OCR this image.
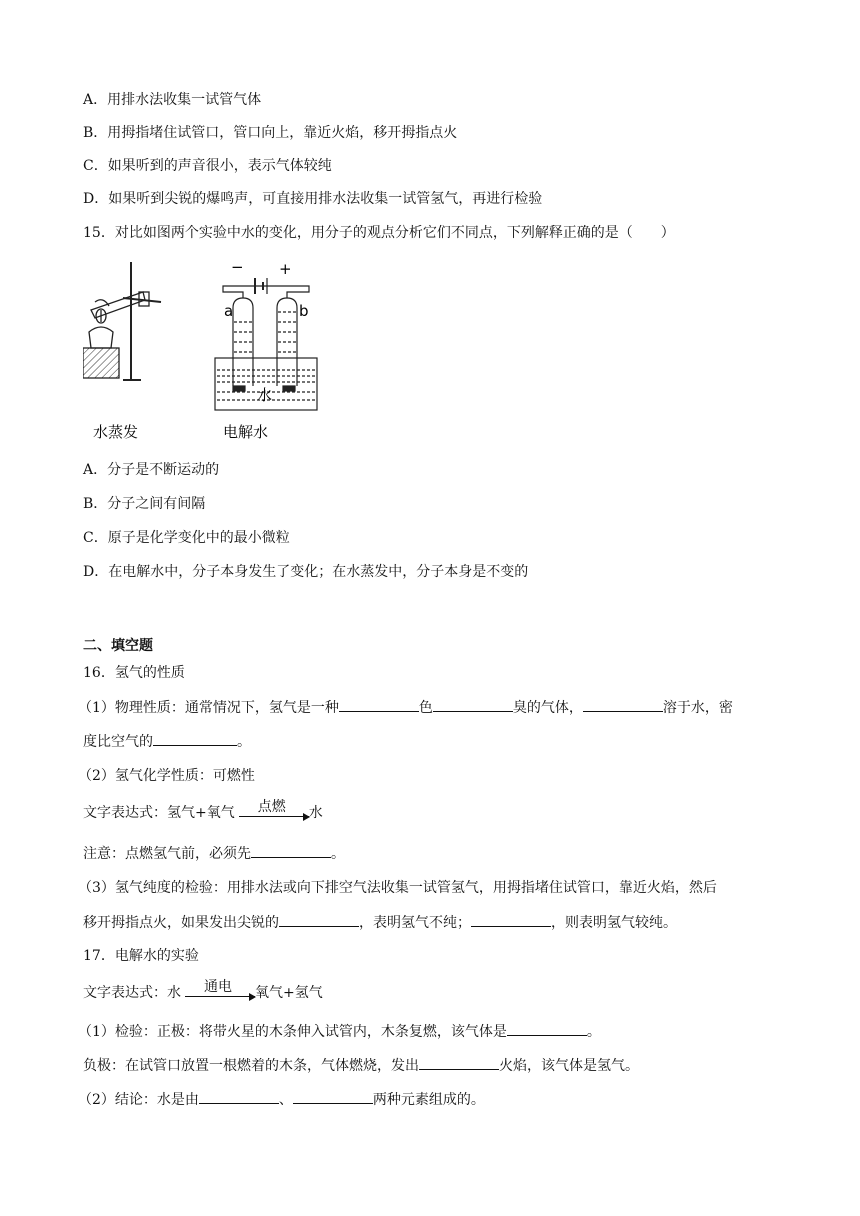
A．用排水法收集一试管气体
B．用拇指堵住试管口，管口向上，靠近火焰，移开拇指点火
C．如果听到的声音很小，表示气体较纯
D．如果听到尖锐的爆鸣声，可直接用排水法收集一试管氢气，再进行检验
15．对比如图两个实验中水的变化，用分子的观点分析它们不同点，下列解释正确的是（　　）
水蒸发
− +
a	b
水
电解水
A．分子是不断运动的
B．分子之间有间隔
C．原子是化学变化中的最小微粒
D．在电解水中，分子本身发生了变化；在水蒸发中，分子本身是不变的
二、填空题
16．氢气的性质
（1）物理性质：通常情况下，氢气是一种	色	臭的气体，	溶于水，密
度比空气的	。
（2）氢气化学性质：可燃性
文字表达式：氢气+氧气	点燃	水
注意：点燃氢气前，必须先	。
（3）氢气纯度的检验：用排水法或向下排空气法收集一试管氢气，用拇指堵住试管口，靠近火焰，然后
移开拇指点火，如果发出尖锐的	，表明氢气不纯；	，则表明氢气较纯。
17．电解水的实验
文字表达式：水	通电	氧气+氢气
（1）检验：正极：将带火星的木条伸入试管内，木条复燃，该气体是	。
负极：在试管口放置一根燃着的木条，气体燃烧，发出	火焰，该气体是氢气。
（2）结论：水是由	、	两种元素组成的。
